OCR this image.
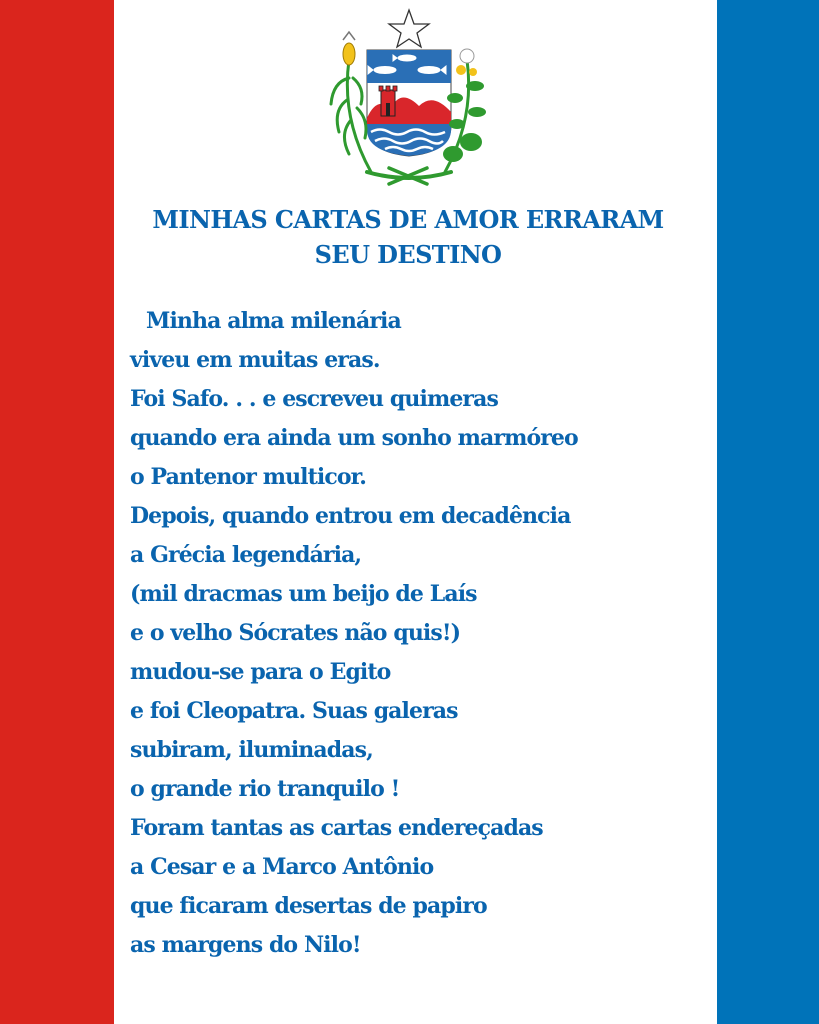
MINHAS CARTAS DE AMOR ERRARAM
SEU DESTINO
Minha alma milenária
viveu em muitas eras.
Foi Safo. . . e escreveu quimeras
quando era ainda um sonho marmóreo
o Pantenor multicor.
Depois, quando entrou em decadência
a Grécia legendária,
(mil dracmas um beijo de Laís
e o velho Sócrates não quis!)
mudou-se para o Egito
e foi Cleopatra. Suas galeras
subiram, iluminadas,
o grande rio tranquilo !
Foram tantas as cartas endereçadas
a Cesar e a Marco Antônio
que ficaram desertas de papiro
as margens do Nilo!
